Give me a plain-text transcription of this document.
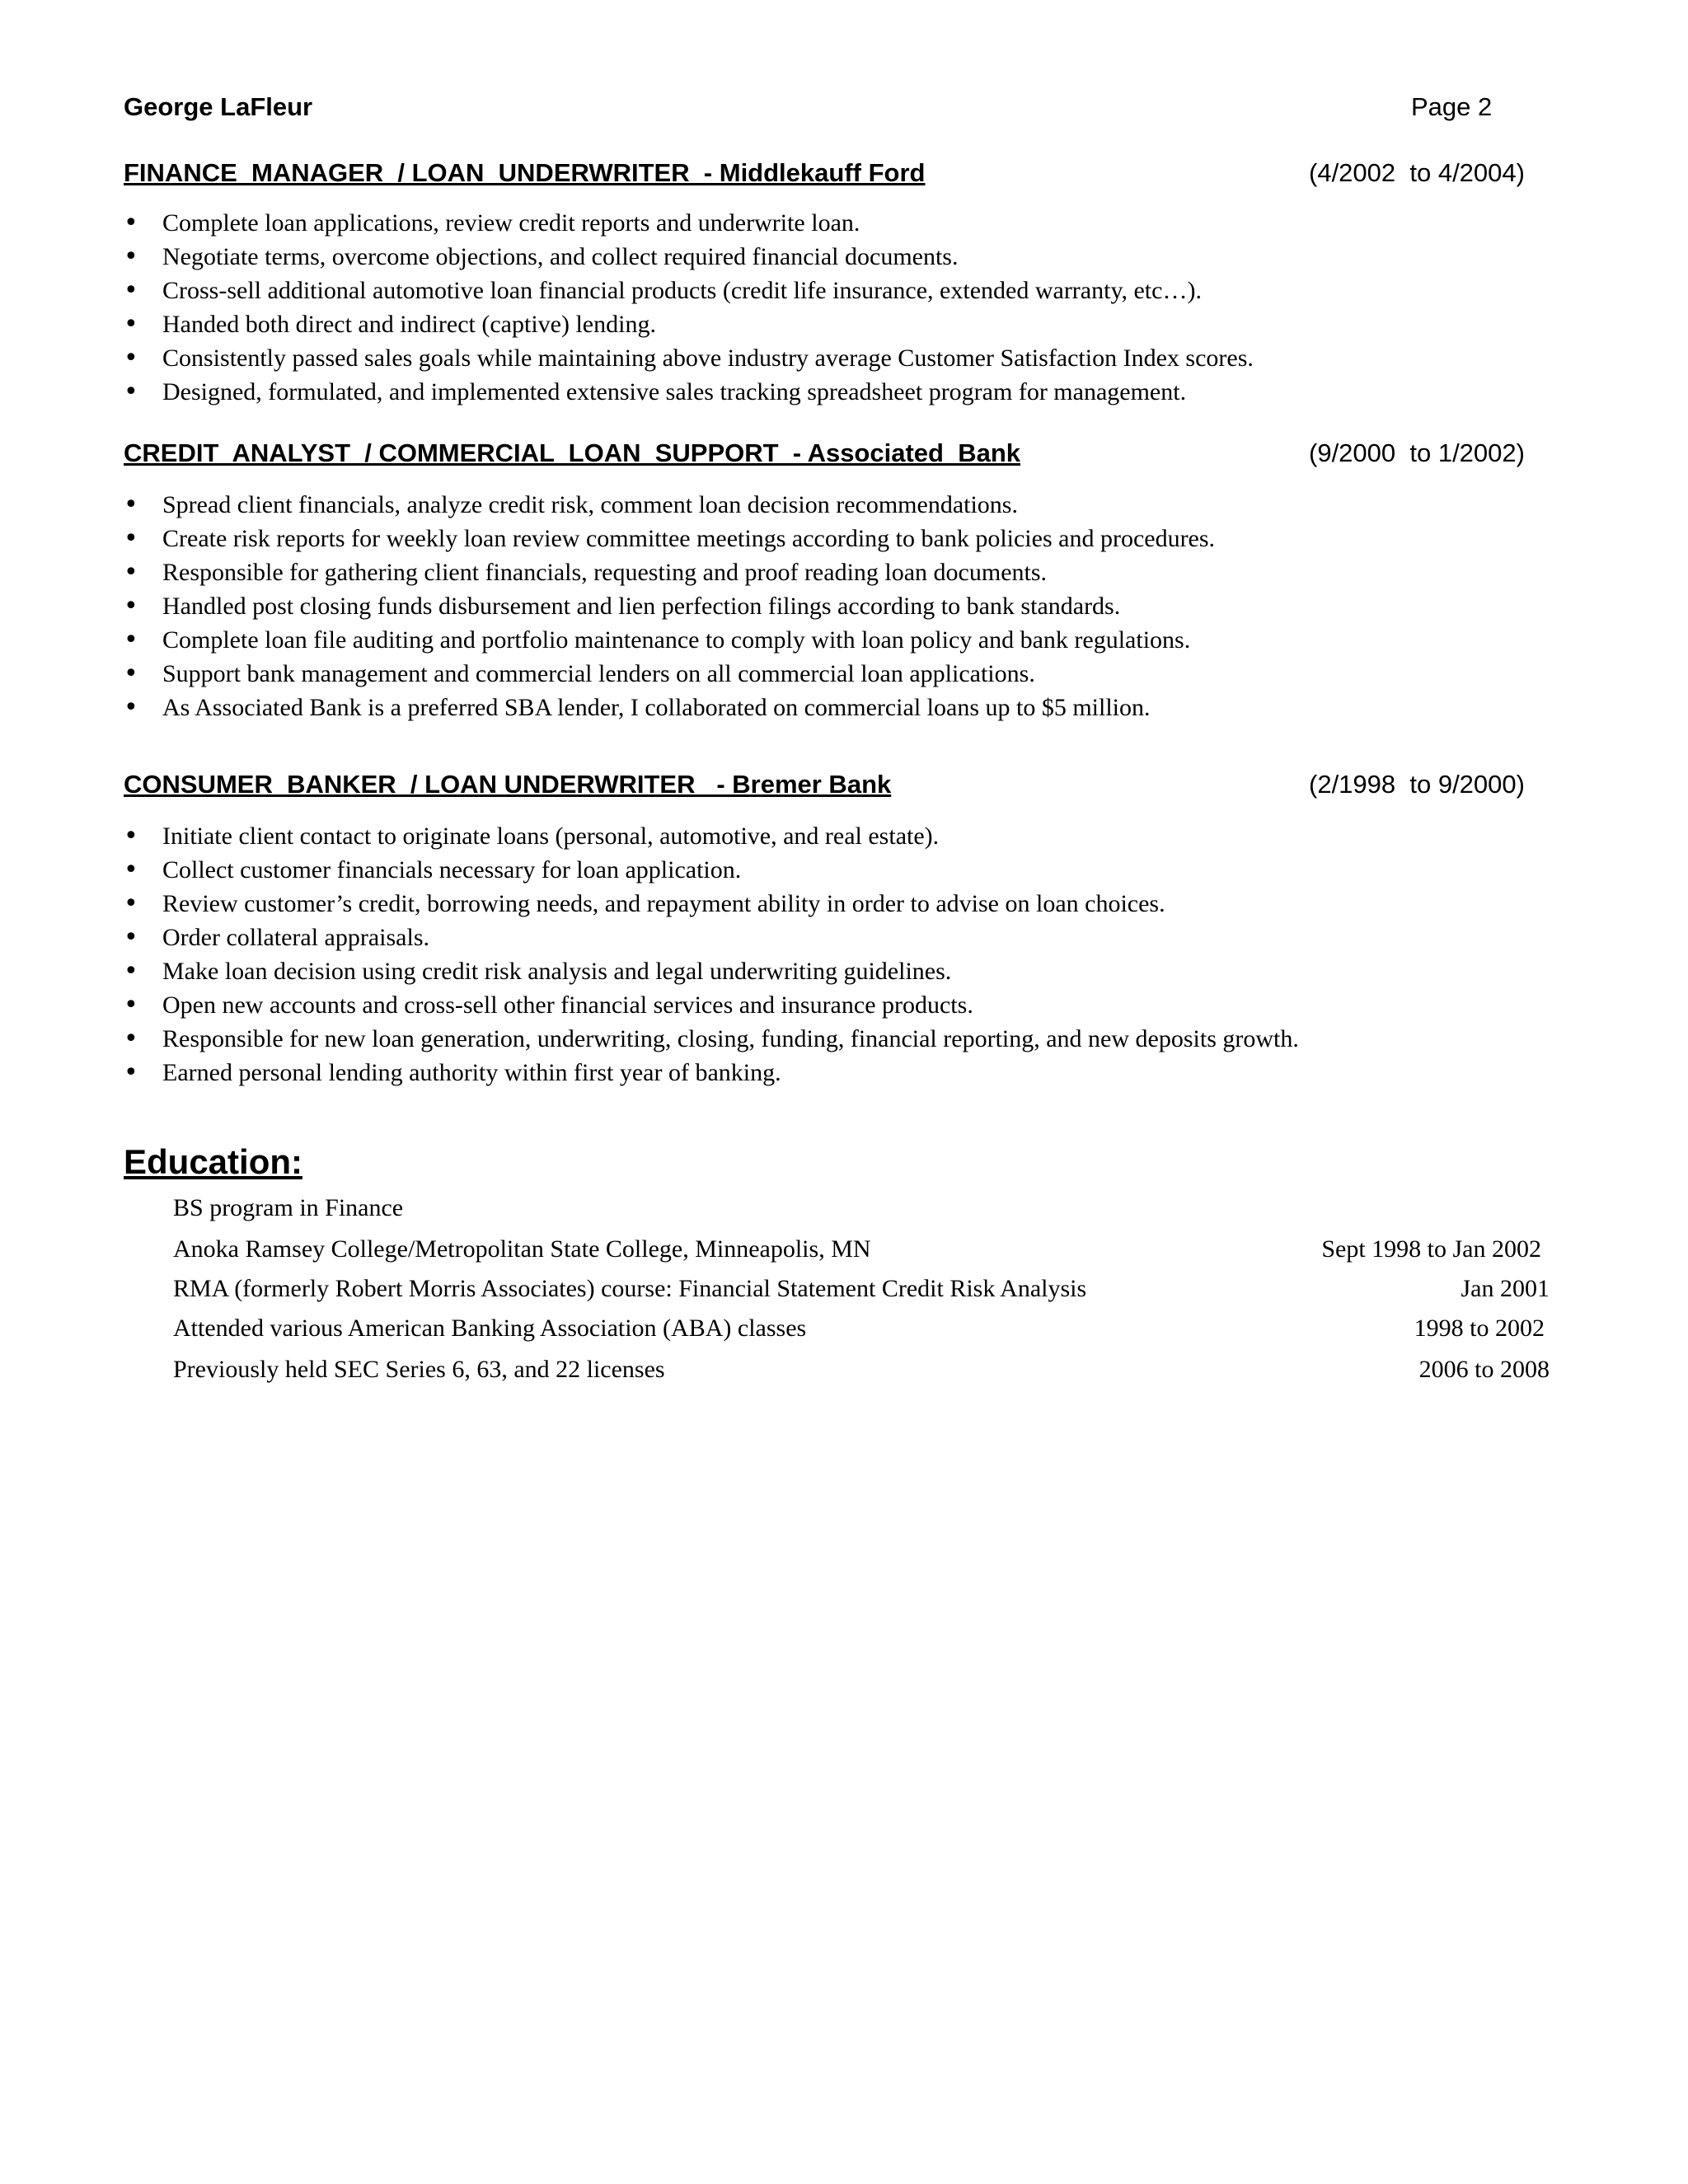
George LaFleur	Page 2
FINANCE  MANAGER  / LOAN  UNDERWRITER  - Middlekauff Ford	(4/2002  to 4/2004)
• Complete loan applications, review credit reports and underwrite loan.
• Negotiate terms, overcome objections, and collect required financial documents.
• Cross-sell additional automotive loan financial products (credit life insurance, extended warranty, etc…).
• Handed both direct and indirect (captive) lending.
• Consistently passed sales goals while maintaining above industry average Customer Satisfaction Index scores.
• Designed, formulated, and implemented extensive sales tracking spreadsheet program for management.
CREDIT  ANALYST  / COMMERCIAL  LOAN  SUPPORT  - Associated  Bank	(9/2000  to 1/2002)
• Spread client financials, analyze credit risk, comment loan decision recommendations.
• Create risk reports for weekly loan review committee meetings according to bank policies and procedures.
• Responsible for gathering client financials, requesting and proof reading loan documents.
• Handled post closing funds disbursement and lien perfection filings according to bank standards.
• Complete loan file auditing and portfolio maintenance to comply with loan policy and bank regulations.
• Support bank management and commercial lenders on all commercial loan applications.
• As Associated Bank is a preferred SBA lender, I collaborated on commercial loans up to $5 million.
CONSUMER  BANKER  / LOAN UNDERWRITER   - Bremer Bank	(2/1998  to 9/2000)
• Initiate client contact to originate loans (personal, automotive, and real estate).
• Collect customer financials necessary for loan application.
• Review customer’s credit, borrowing needs, and repayment ability in order to advise on loan choices.
• Order collateral appraisals.
• Make loan decision using credit risk analysis and legal underwriting guidelines.
• Open new accounts and cross-sell other financial services and insurance products.
• Responsible for new loan generation, underwriting, closing, funding, financial reporting, and new deposits growth.
• Earned personal lending authority within first year of banking.
Education:
BS program in Finance
Anoka Ramsey College/Metropolitan State College, Minneapolis, MN	Sept 1998 to Jan 2002
RMA (formerly Robert Morris Associates) course: Financial Statement Credit Risk Analysis	Jan 2001
Attended various American Banking Association (ABA) classes	1998 to 2002
Previously held SEC Series 6, 63, and 22 licenses	2006 to 2008
